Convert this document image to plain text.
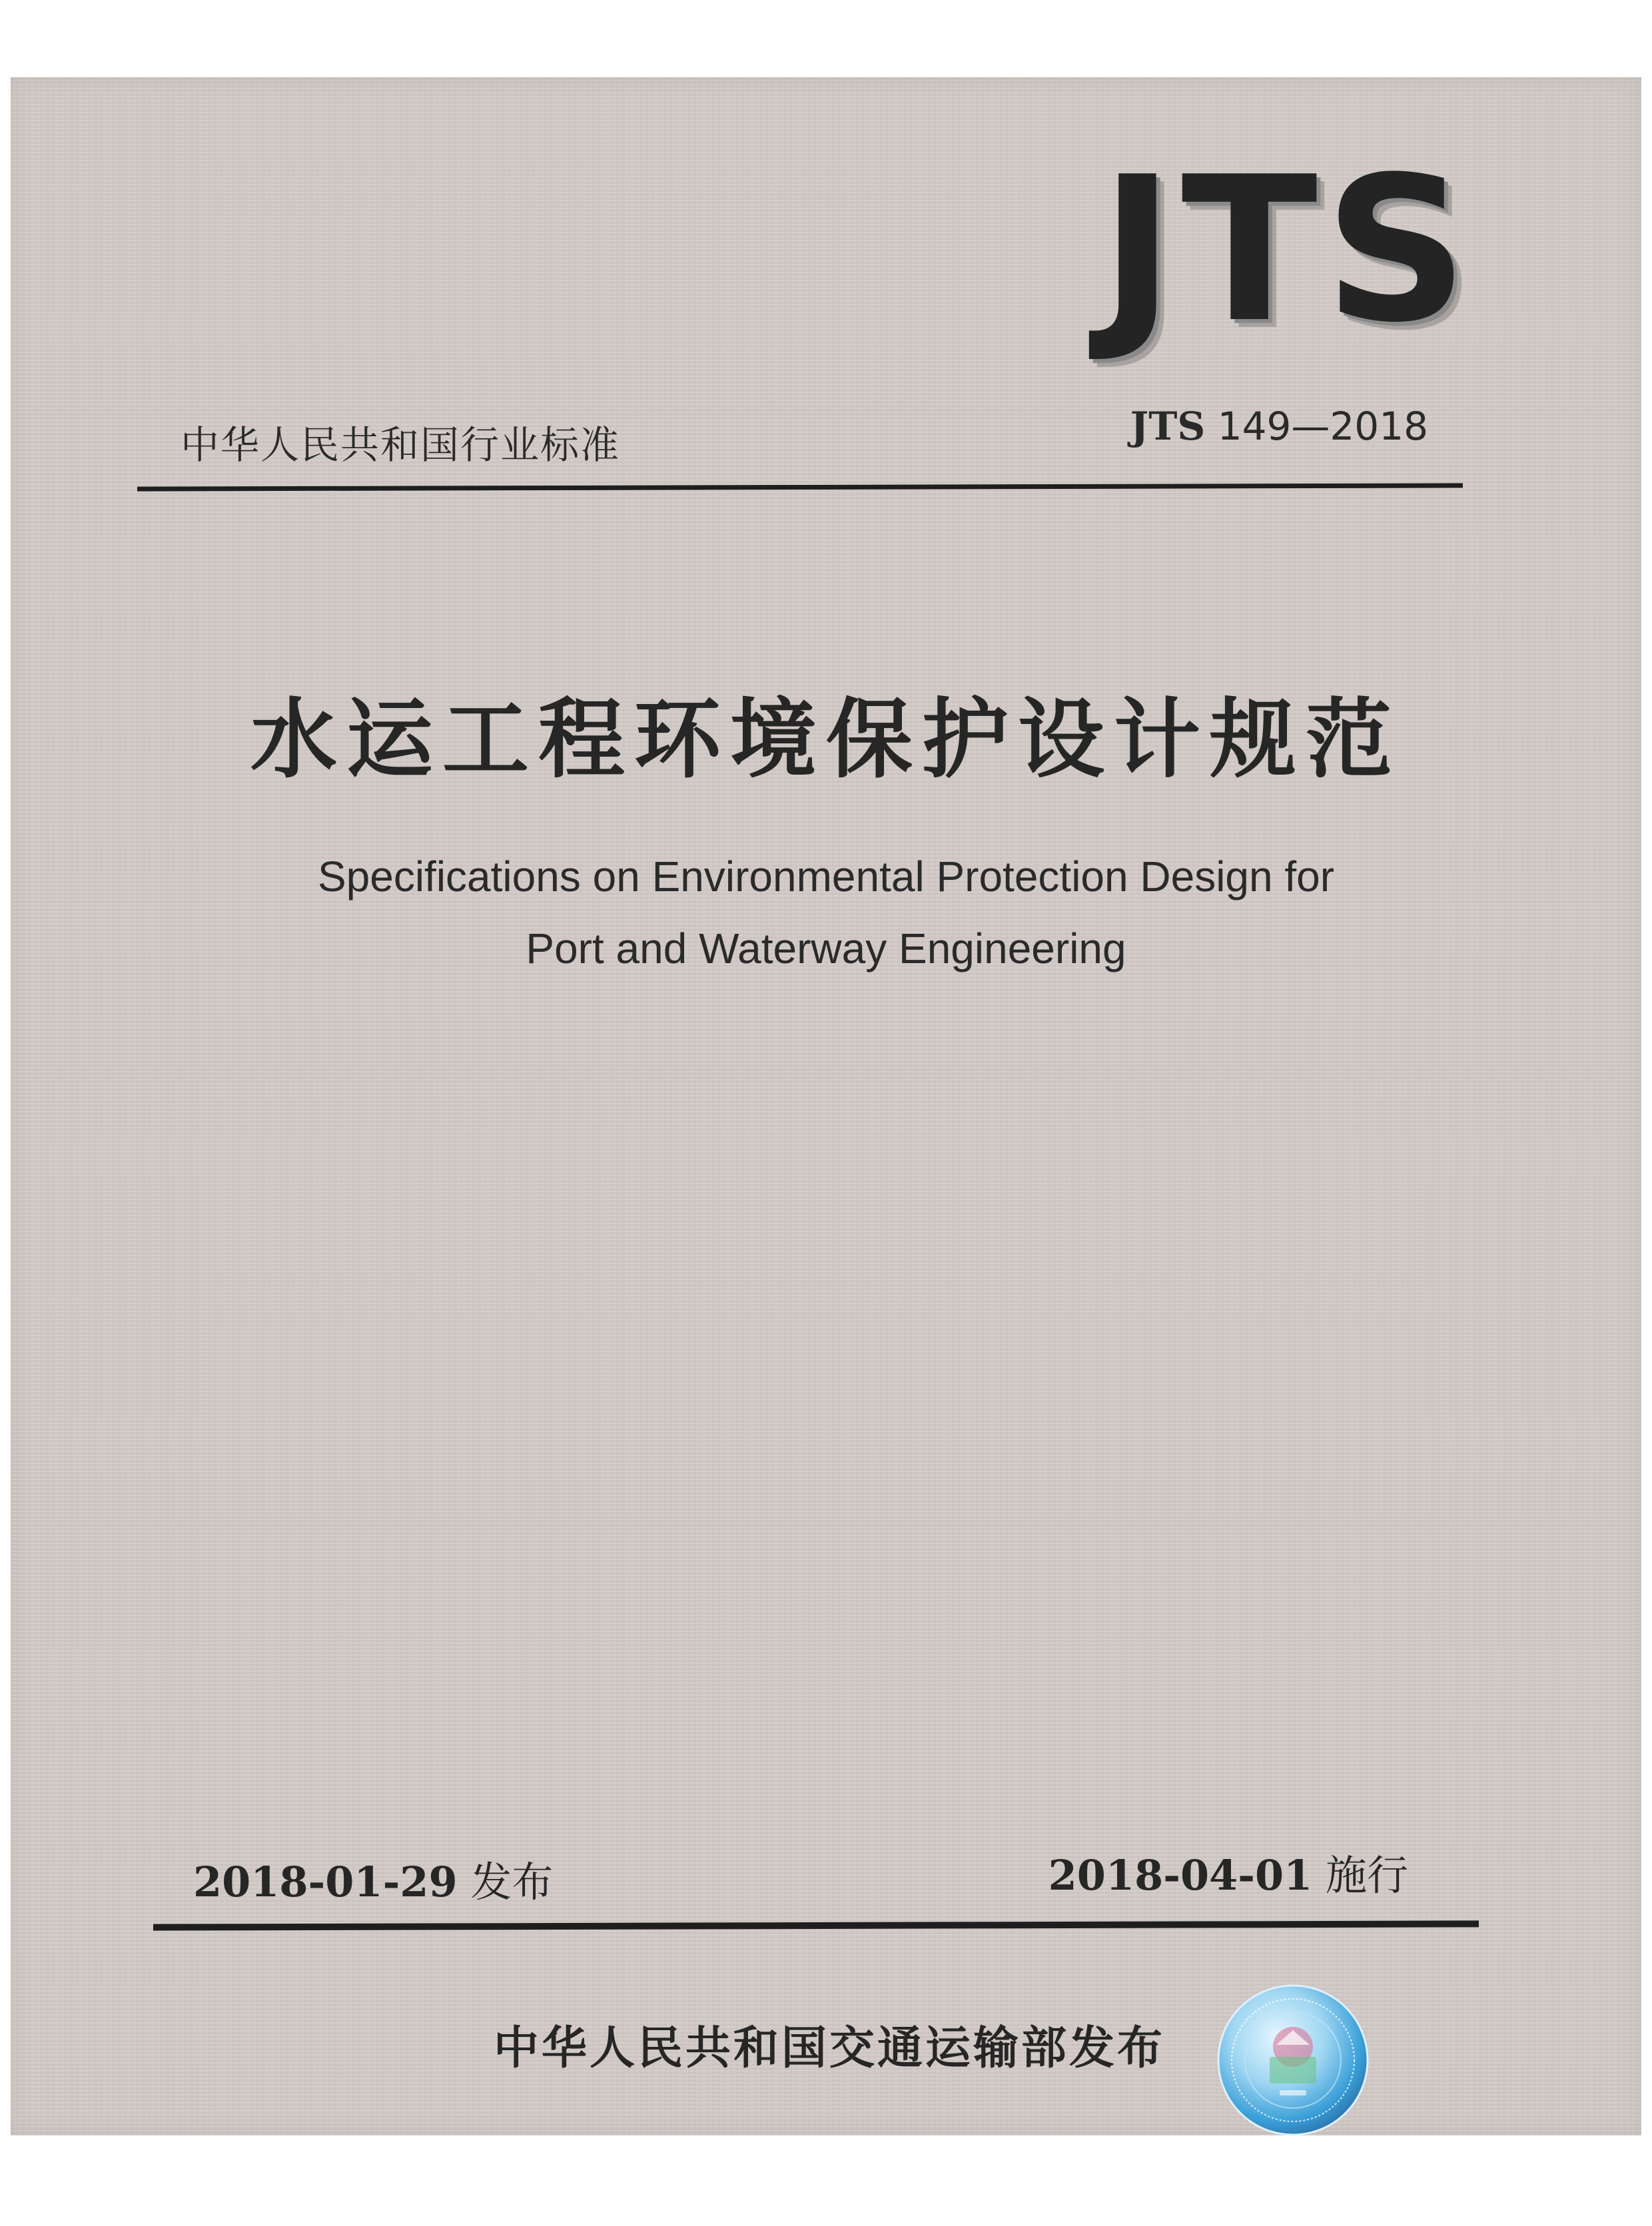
JTS
中华人民共和国行业标准	JTS 149—2018
水运工程环境保护设计规范
Specifications on Environmental Protection Design for
Port and Waterway Engineering
2018-01-29 发布	2018-04-01 施行
中华人民共和国交通运输部发布
